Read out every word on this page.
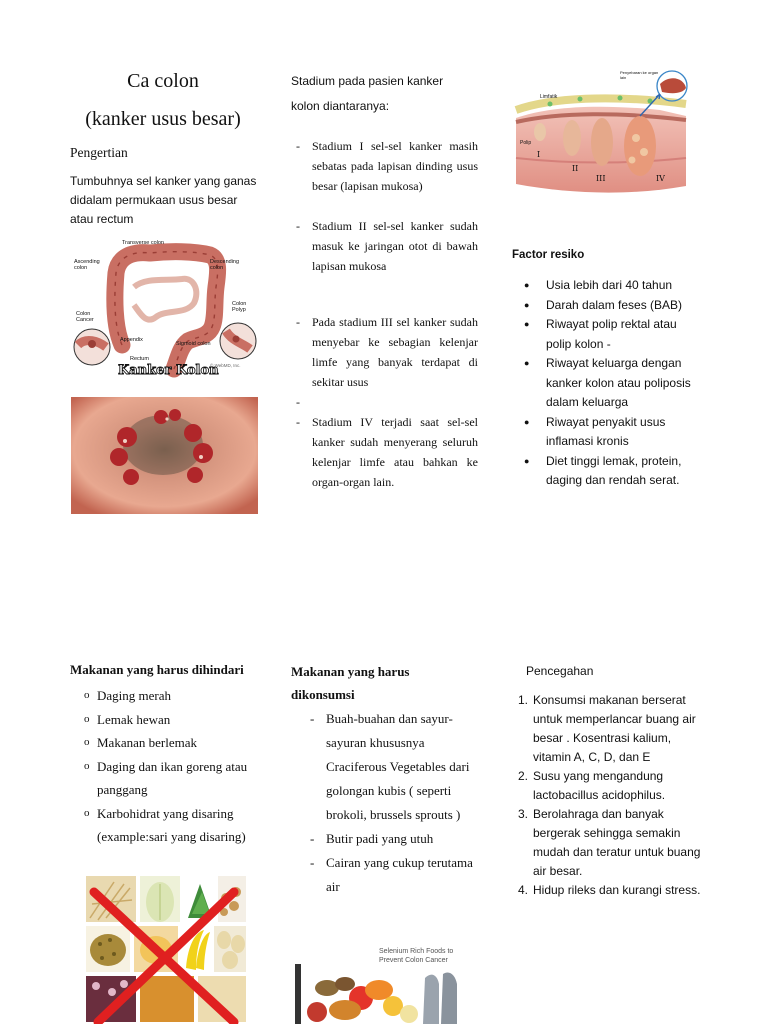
Ca colon
(kanker usus besar)
Pengertian
Tumbuhnya sel kanker yang ganas didalam permukaan usus besar atau rectum
Transverse colon
Ascending colon
Descending colon
Colon Cancer
Colon Polyp
Appendix
Sigmoid colon
Rectum
Kanker Kolon
© WebMD, Inc.
Stadium pada pasien kanker kolon diantaranya:
- Stadium I sel-sel kanker masih sebatas pada lapisan dinding usus besar (lapisan mukosa)
- Stadium II sel-sel kanker sudah masuk ke jaringan otot di bawah lapisan mukosa
- Pada stadium III sel kanker sudah menyebar ke sebagian kelenjar limfe yang banyak terdapat di sekitar usus
-
- Stadium IV terjadi saat sel-sel kanker sudah menyerang seluruh kelenjar limfe atau bahkan ke organ-organ lain.
Limfatik
Penyebaran ke organ lain
Polip
I
II
III	IV
Factor resiko
● Usia lebih dari 40 tahun
● Darah dalam feses (BAB)
● Riwayat polip rektal atau polip kolon -
● Riwayat keluarga dengan kanker kolon atau poliposis dalam keluarga
● Riwayat penyakit usus inflamasi kronis
● Diet tinggi lemak, protein, daging dan rendah serat.
Makanan yang harus dihindari
o Daging merah
o Lemak hewan
o Makanan berlemak
o Daging dan ikan goreng atau panggang
o Karbohidrat yang disaring (example:sari yang disaring)
Makanan yang harus dikonsumsi
- Buah-buahan dan sayur-sayuran khususnya Craciferous Vegetables dari golongan kubis ( seperti brokoli, brussels sprouts )
- Butir padi yang utuh
- Cairan yang cukup terutama air
Selenium Rich Foods to Prevent Colon Cancer
Pencegahan
1. Konsumsi makanan berserat untuk memperlancar buang air besar . Kosentrasi kalium, vitamin A, C, D, dan E
2. Susu yang mengandung lactobacillus acidophilus.
3. Berolahraga dan banyak bergerak sehingga semakin mudah dan teratur untuk buang air besar.
4. Hidup rileks dan kurangi stress.
